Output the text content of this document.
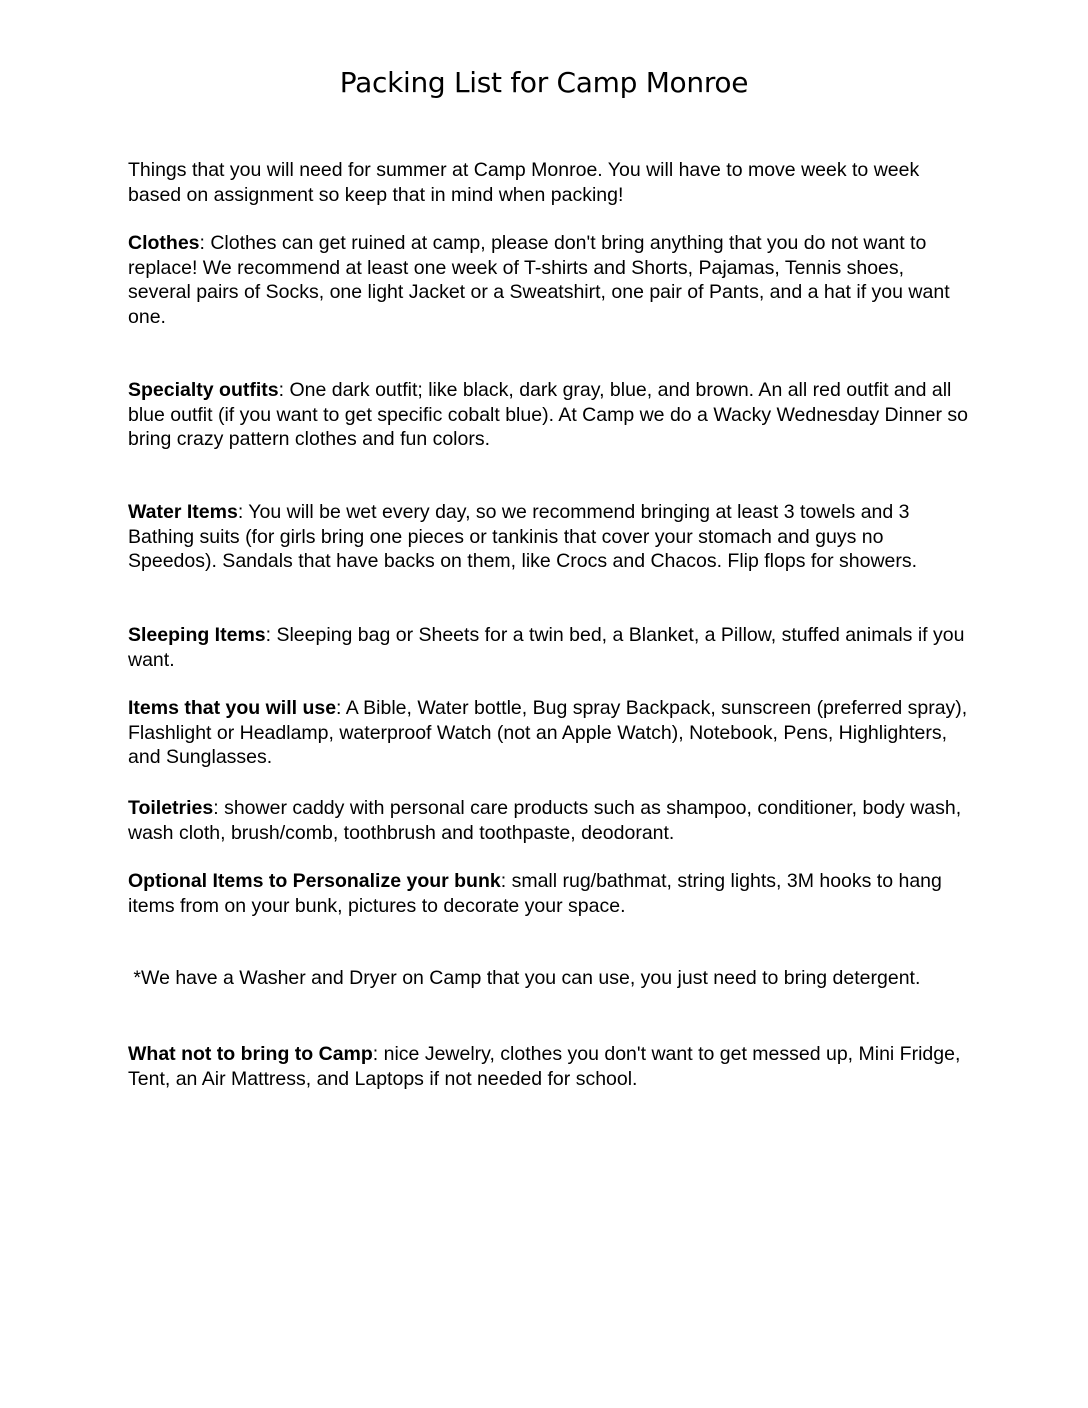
Packing List for Camp Monroe

Things that you will need for summer at Camp Monroe. You will have to move week to week based on assignment so keep that in mind when packing!

Clothes: Clothes can get ruined at camp, please don't bring anything that you do not want to replace! We recommend at least one week of T-shirts and Shorts, Pajamas, Tennis shoes, several pairs of Socks, one light Jacket or a Sweatshirt, one pair of Pants, and a hat if you want one.

Specialty outfits: One dark outfit; like black, dark gray, blue, and brown. An all red outfit and all blue outfit (if you want to get specific cobalt blue). At Camp we do a Wacky Wednesday Dinner so bring crazy pattern clothes and fun colors.

Water Items: You will be wet every day, so we recommend bringing at least 3 towels and 3 Bathing suits (for girls bring one pieces or tankinis that cover your stomach and guys no Speedos). Sandals that have backs on them, like Crocs and Chacos. Flip flops for showers.

Sleeping Items: Sleeping bag or Sheets for a twin bed, a Blanket, a Pillow, stuffed animals if you want.

Items that you will use: A Bible, Water bottle, Bug spray Backpack, sunscreen (preferred spray), Flashlight or Headlamp, waterproof Watch (not an Apple Watch), Notebook, Pens, Highlighters, and Sunglasses.

Toiletries: shower caddy with personal care products such as shampoo, conditioner, body wash, wash cloth, brush/comb, toothbrush and toothpaste, deodorant.

Optional Items to Personalize your bunk: small rug/bathmat, string lights, 3M hooks to hang items from on your bunk, pictures to decorate your space.

*We have a Washer and Dryer on Camp that you can use, you just need to bring detergent.

What not to bring to Camp: nice Jewelry, clothes you don't want to get messed up, Mini Fridge, Tent, an Air Mattress, and Laptops if not needed for school.
